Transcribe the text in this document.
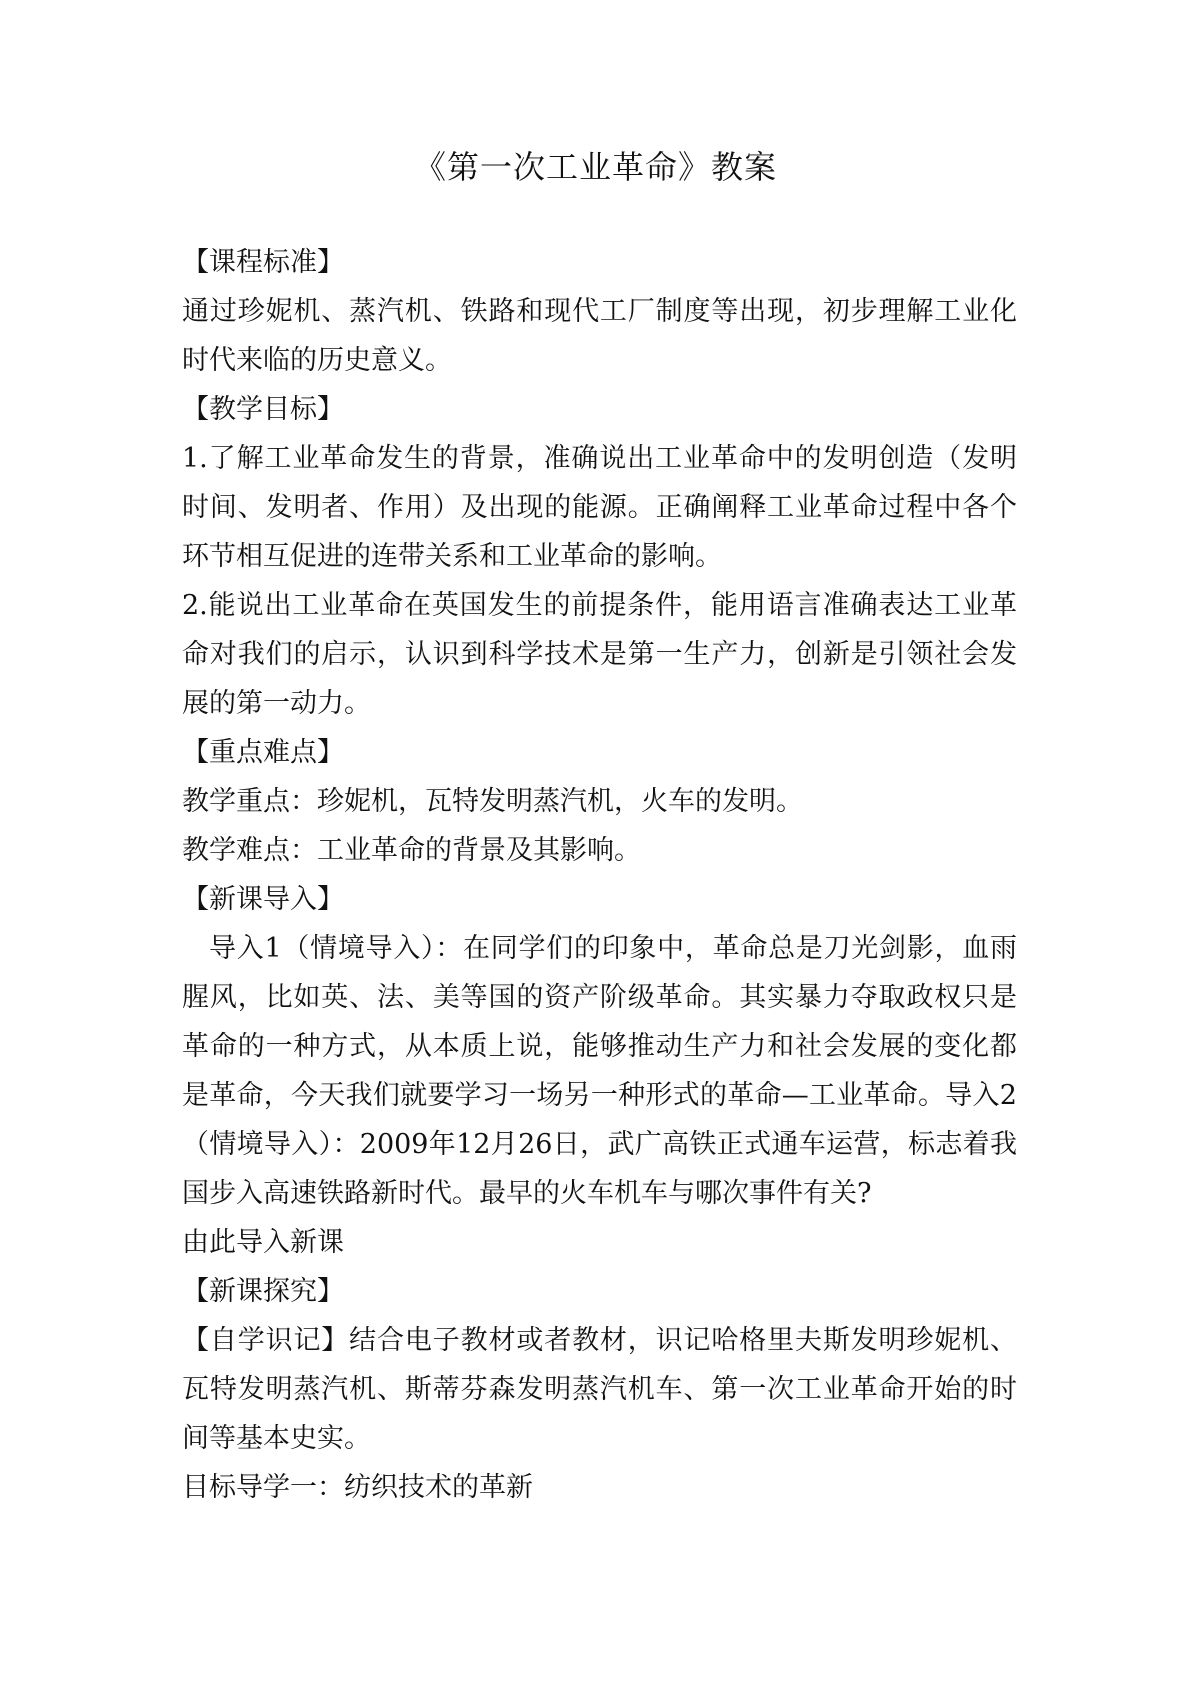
《第一次工业革命》教案

【课程标准】

通过珍妮机、蒸汽机、铁路和现代工厂制度等出现，初步理解工业化时代来临的历史意义。

【教学目标】

1.了解工业革命发生的背景，准确说出工业革命中的发明创造（发明时间、发明者、作用）及出现的能源。正确阐释工业革命过程中各个环节相互促进的连带关系和工业革命的影响。

2.能说出工业革命在英国发生的前提条件，能用语言准确表达工业革命对我们的启示，认识到科学技术是第一生产力，创新是引领社会发展的第一动力。

【重点难点】

教学重点：珍妮机，瓦特发明蒸汽机，火车的发明。

教学难点：工业革命的背景及其影响。

【新课导入】

导入1（情境导入）：在同学们的印象中，革命总是刀光剑影，血雨腥风，比如英、法、美等国的资产阶级革命。其实暴力夺取政权只是革命的一种方式，从本质上说，能够推动生产力和社会发展的变化都是革命，今天我们就要学习一场另一种形式的革命—工业革命。导入2（情境导入）：2009年12月26日，武广高铁正式通车运营，标志着我国步入高速铁路新时代。最早的火车机车与哪次事件有关?

由此导入新课

【新课探究】

【自学识记】结合电子教材或者教材，识记哈格里夫斯发明珍妮机、瓦特发明蒸汽机、斯蒂芬森发明蒸汽机车、第一次工业革命开始的时间等基本史实。

目标导学一：纺织技术的革新
